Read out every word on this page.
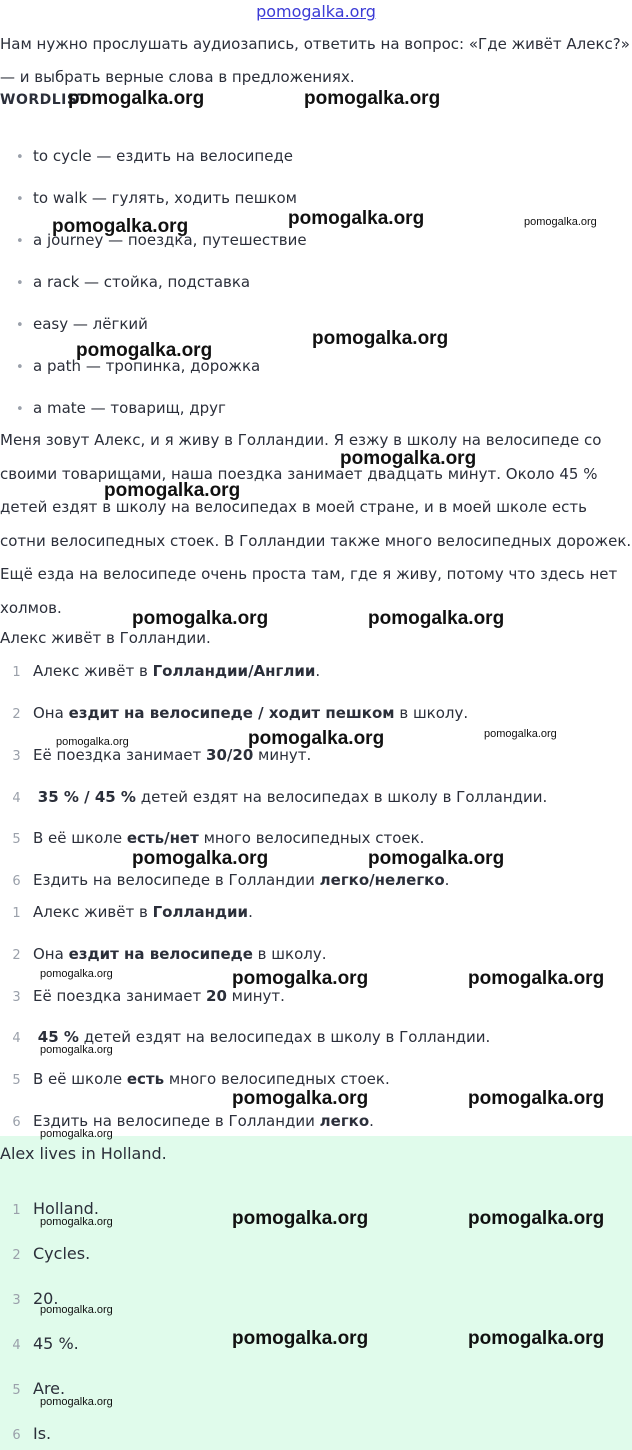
pomogalka.org
Нам нужно прослушать аудиозапись, ответить на вопрос: «Где живёт Алекс?» — и выбрать верные слова в предложениях.
WORDLIST
• to cycle — ездить на велосипеде
• to walk — гулять, ходить пешком
• a journey — поездка, путешествие
• a rack — стойка, подставка
• easy — лёгкий
• a path — тропинка, дорожка
• a mate — товарищ, друг
Меня зовут Алекс, и я живу в Голландии. Я езжу в школу на велосипеде со своими товарищами, наша поездка занимает двадцать минут. Около 45 % детей ездят в школу на велосипедах в моей стране, и в моей школе есть сотни велосипедных стоек. В Голландии также много велосипедных дорожек. Ещё езда на велосипеде очень проста там, где я живу, потому что здесь нет холмов.
Алекс живёт в Голландии.
1 Алекс живёт в Голландии/Англии.
2 Она ездит на велосипеде / ходит пешком в школу.
3 Её поездка занимает 30/20 минут.
4 35 % / 45 % детей ездят на велосипедах в школу в Голландии.
5 В её школе есть/нет много велосипедных стоек.
6 Ездить на велосипеде в Голландии легко/нелегко.
1 Алекс живёт в Голландии.
2 Она ездит на велосипеде в школу.
3 Её поездка занимает 20 минут.
4 45 % детей ездят на велосипедах в школу в Голландии.
5 В её школе есть много велосипедных стоек.
6 Ездить на велосипеде в Голландии легко.
Alex lives in Holland.
1 Holland.
2 Cycles.
3 20.
4 45 %.
5 Are.
6 Is.
pomogalka.org	pomogalka.org
pomogalka.org	pomogalka.org	pomogalka.org
pomogalka.org
pomogalka.org
pomogalka.org
pomogalka.org
pomogalka.org	pomogalka.org
pomogalka.org	pomogalka.org	pomogalka.org
pomogalka.org	pomogalka.org
pomogalka.org	pomogalka.org	pomogalka.org
pomogalka.org
pomogalka.org	pomogalka.org
pomogalka.org
pomogalka.org	pomogalka.org	pomogalka.org
pomogalka.org
pomogalka.org	pomogalka.org
pomogalka.org
